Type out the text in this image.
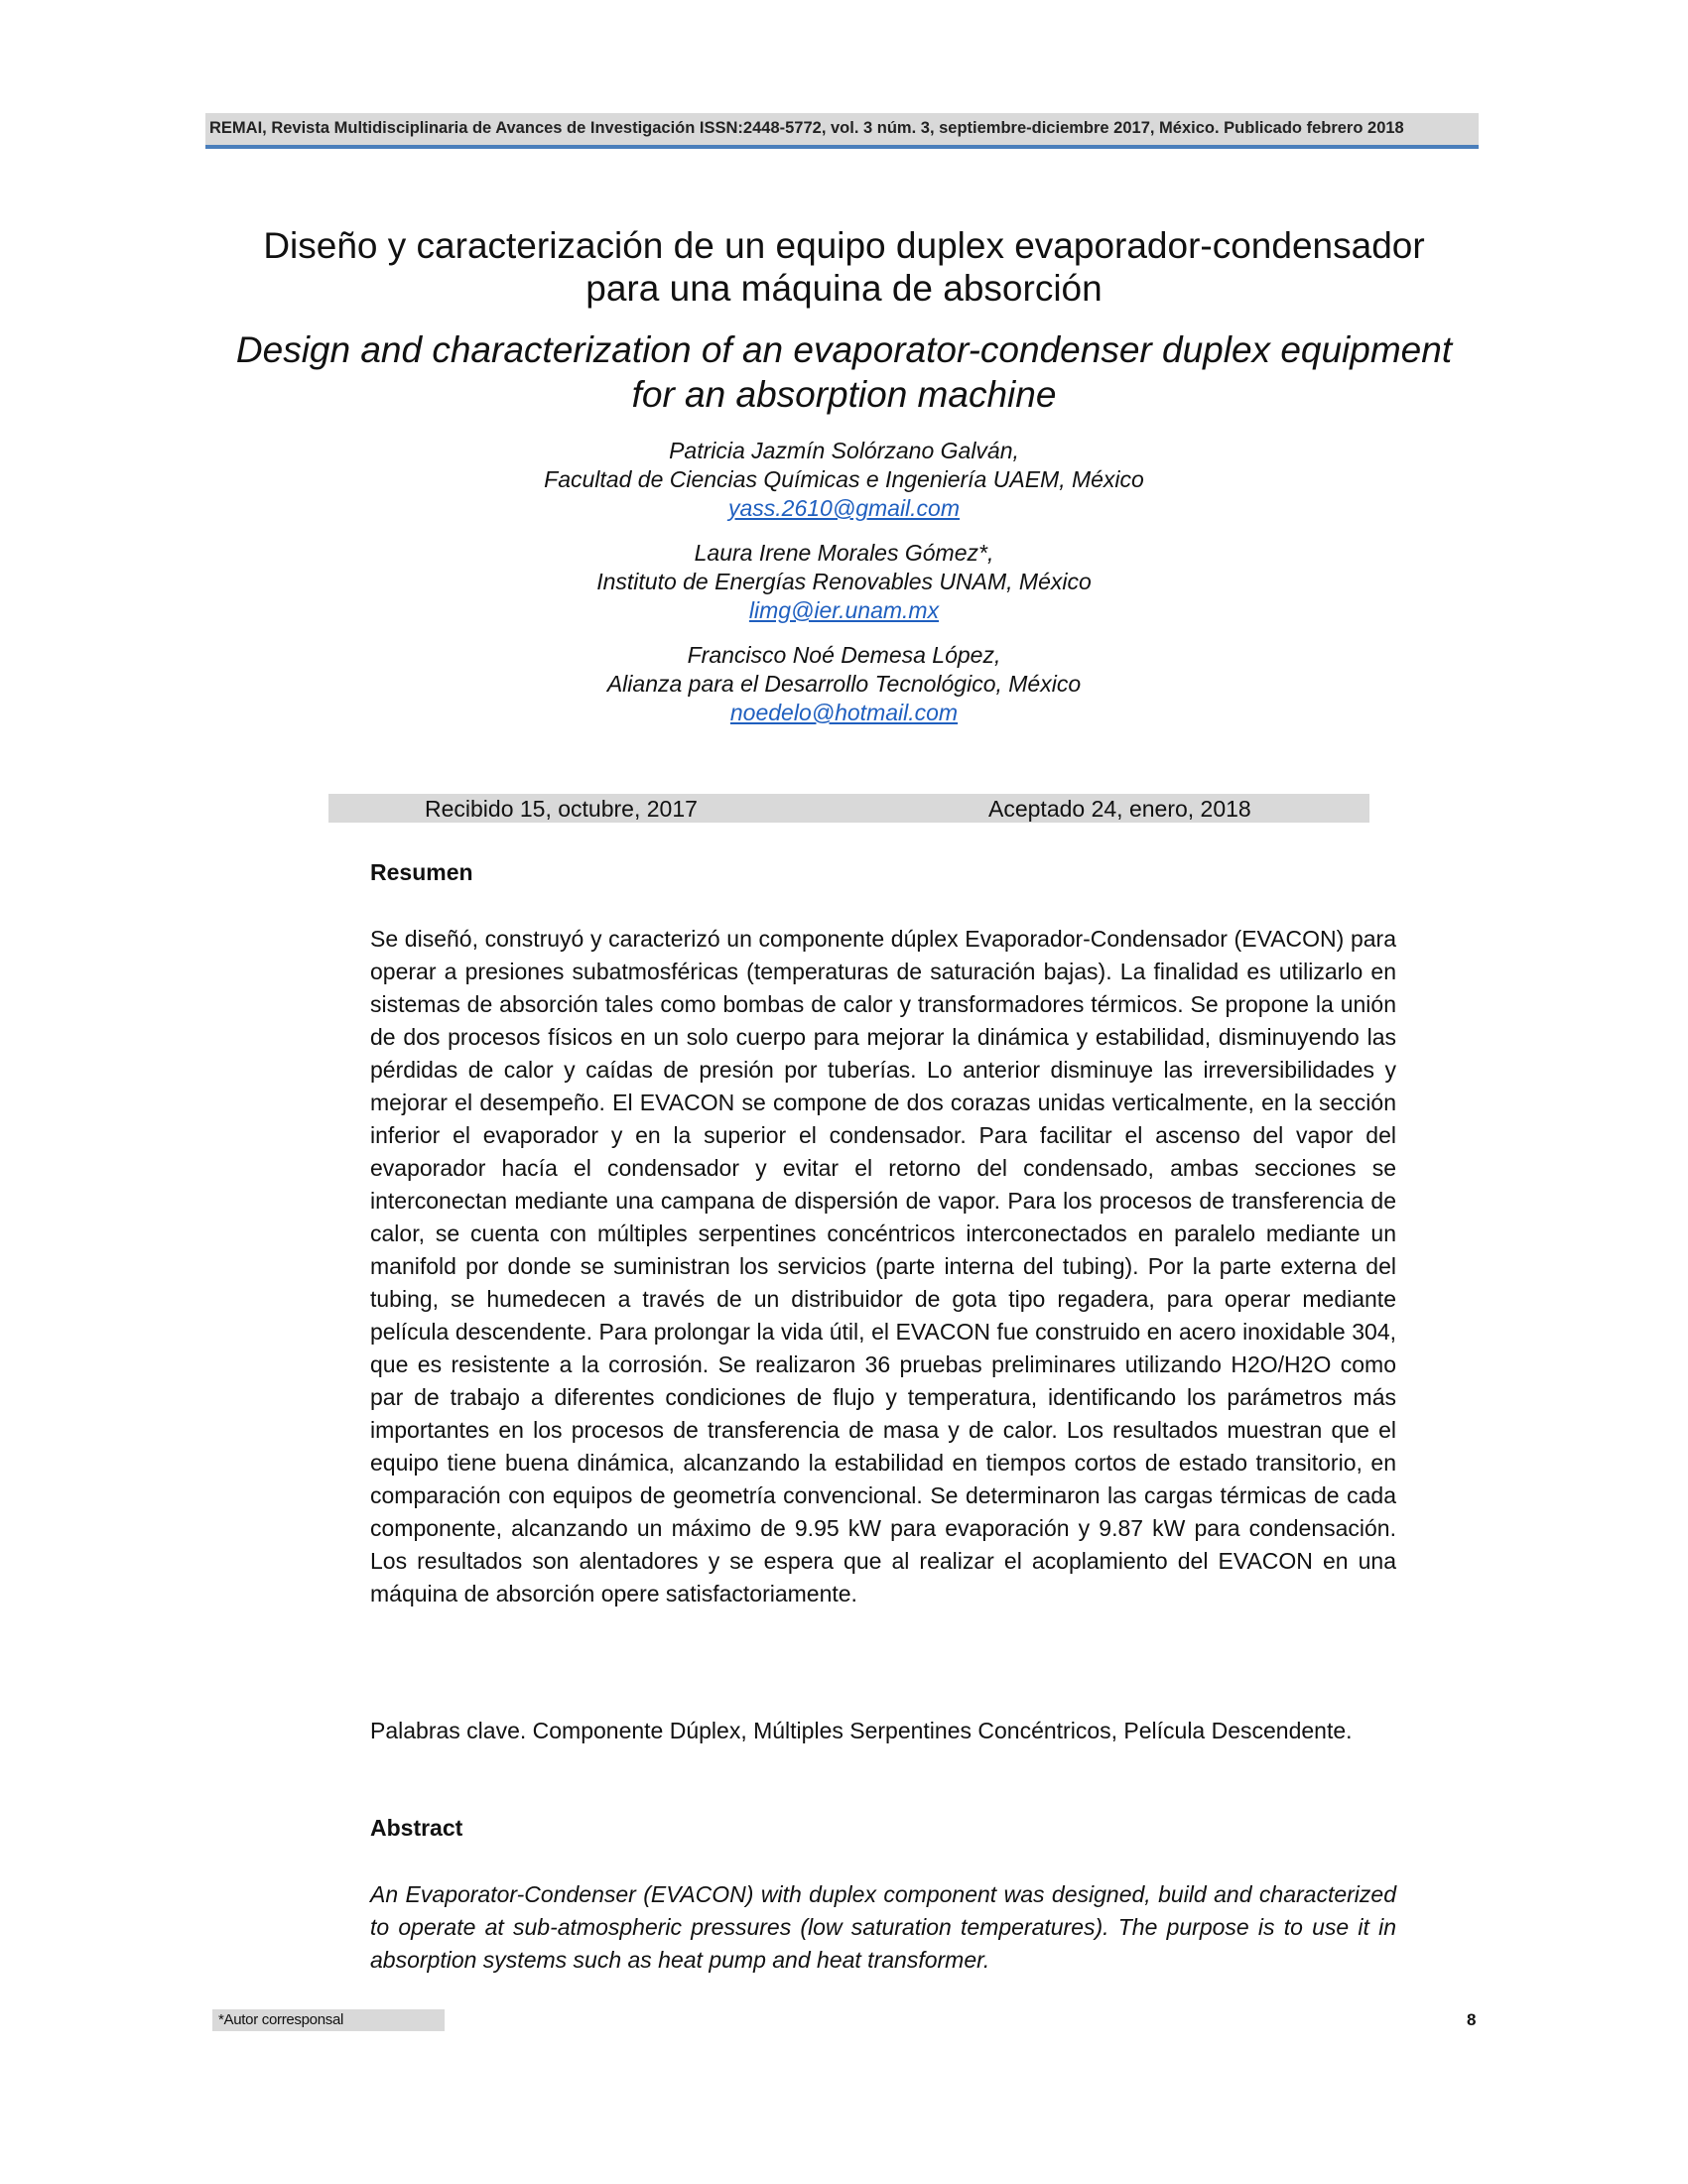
REMAI, Revista Multidisciplinaria de Avances de Investigación ISSN:2448-5772, vol. 3 núm. 3, septiembre-diciembre 2017, México. Publicado febrero 2018
Diseño y caracterización de un equipo duplex evaporador-condensador
para una máquina de absorción
Design and characterization of an evaporator-condenser duplex equipment
for an absorption machine
Patricia Jazmín Solórzano Galván,
Facultad de Ciencias Químicas e Ingeniería UAEM, México
yass.2610@gmail.com
Laura Irene Morales Gómez*,
Instituto de Energías Renovables UNAM, México
limg@ier.unam.mx
Francisco Noé Demesa López,
Alianza para el Desarrollo Tecnológico, México
noedelo@hotmail.com
Recibido 15, octubre, 2017	Aceptado 24, enero, 2018
Resumen
Se diseñó, construyó y caracterizó un componente dúplex Evaporador-Condensador (EVACON) para operar a presiones subatmosféricas (temperaturas de saturación bajas). La finalidad es utilizarlo en sistemas de absorción tales como bombas de calor y transformadores térmicos. Se propone la unión de dos procesos físicos en un solo cuerpo para mejorar la dinámica y estabilidad, disminuyendo las pérdidas de calor y caídas de presión por tuberías. Lo anterior disminuye las irreversibilidades y mejorar el desempeño. El EVACON se compone de dos corazas unidas verticalmente, en la sección inferior el evaporador y en la superior el condensador. Para facilitar el ascenso del vapor del evaporador hacía el condensador y evitar el retorno del condensado, ambas secciones se interconectan mediante una campana de dispersión de vapor. Para los procesos de transferencia de calor, se cuenta con múltiples serpentines concéntricos interconectados en paralelo mediante un manifold por donde se suministran los servicios (parte interna del tubing). Por la parte externa del tubing, se humedecen a través de un distribuidor de gota tipo regadera, para operar mediante película descendente. Para prolongar la vida útil, el EVACON fue construido en acero inoxidable 304, que es resistente a la corrosión. Se realizaron 36 pruebas preliminares utilizando H2O/H2O como par de trabajo a diferentes condiciones de flujo y temperatura, identificando los parámetros más importantes en los procesos de transferencia de masa y de calor. Los resultados muestran que el equipo tiene buena dinámica, alcanzando la estabilidad en tiempos cortos de estado transitorio, en comparación con equipos de geometría convencional. Se determinaron las cargas térmicas de cada componente, alcanzando un máximo de 9.95 kW para evaporación y 9.87 kW para condensación. Los resultados son alentadores y se espera que al realizar el acoplamiento del EVACON en una máquina de absorción opere satisfactoriamente.
Palabras clave. Componente Dúplex, Múltiples Serpentines Concéntricos, Película Descendente.
Abstract
An Evaporator-Condenser (EVACON) with duplex component was designed, build and characterized to operate at sub-atmospheric pressures (low saturation temperatures). The purpose is to use it in absorption systems such as heat pump and heat transformer.
*Autor corresponsal	8
